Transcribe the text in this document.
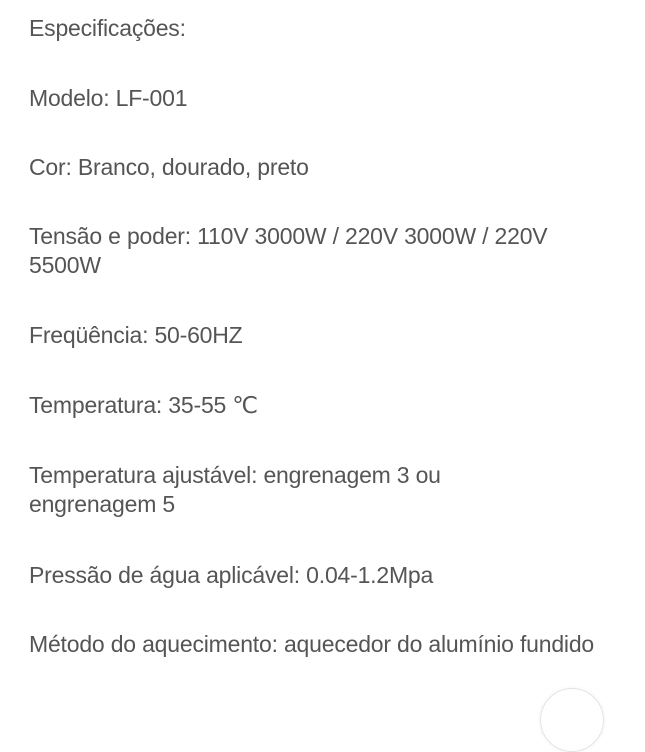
Especificações:

Modelo: LF-001

Cor: Branco, dourado, preto

Tensão e poder: 110V 3000W / 220V 3000W / 220V 5500W

Freqüência: 50-60HZ

Temperatura: 35-55 ℃

Temperatura ajustável: engrenagem 3 ou engrenagem 5

Pressão de água aplicável: 0.04-1.2Mpa

Método do aquecimento: aquecedor do alumínio fundido
